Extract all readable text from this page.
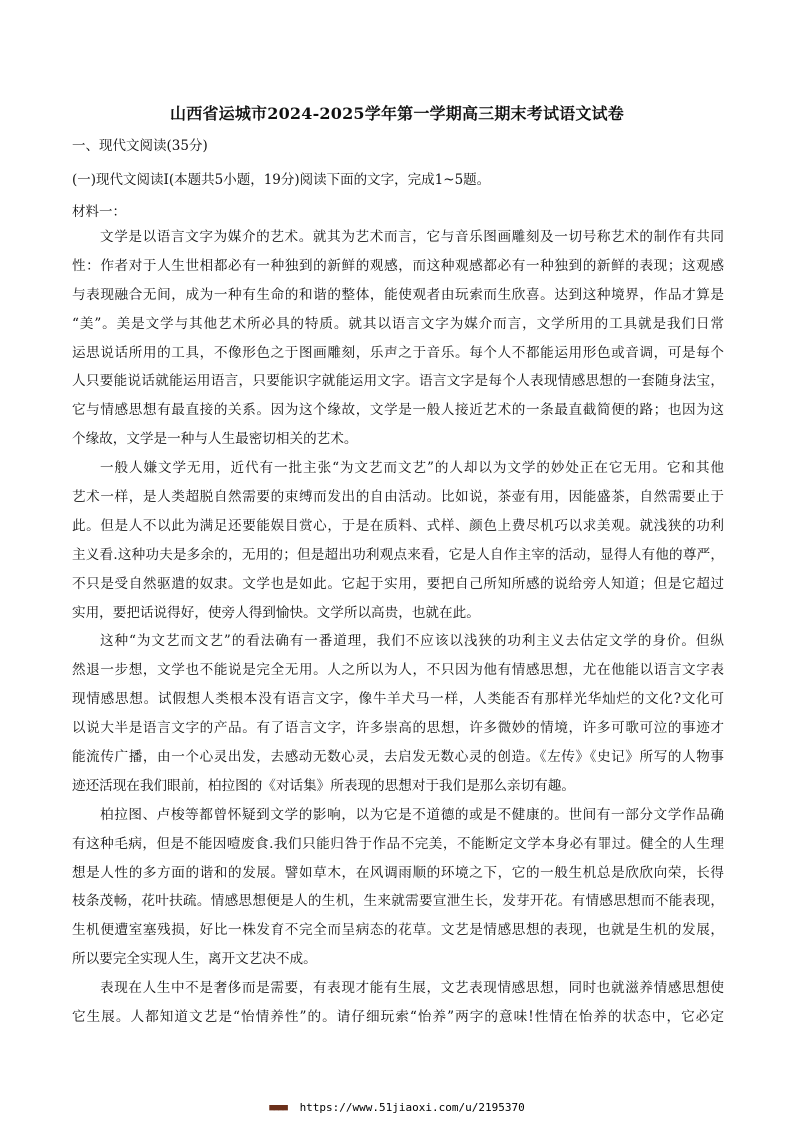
山西省运城市2024-2025学年第一学期高三期末考试语文试卷
一、现代文阅读(35分)
(一)现代文阅读I(本题共5小题，19分)阅读下面的文字，完成1~5题。
材料一：
文学是以语言文字为媒介的艺术。就其为艺术而言，它与音乐图画雕刻及一切号称艺术的制作有共同
性：作者对于人生世相都必有一种独到的新鲜的观感，而这种观感都必有一种独到的新鲜的表现；这观感
与表现融合无间，成为一种有生命的和谐的整体，能使观者由玩索而生欣喜。达到这种境界，作品才算是
“美”。美是文学与其他艺术所必具的特质。就其以语言文字为媒介而言，文学所用的工具就是我们日常
运思说话所用的工具，不像形色之于图画雕刻，乐声之于音乐。每个人不都能运用形色或音调，可是每个
人只要能说话就能运用语言，只要能识字就能运用文字。语言文字是每个人表现情感思想的一套随身法宝，
它与情感思想有最直接的关系。因为这个缘故，文学是一般人接近艺术的一条最直截简便的路；也因为这
个缘故，文学是一种与人生最密切相关的艺术。
一般人嫌文学无用，近代有一批主张“为文艺而文艺”的人却以为文学的妙处正在它无用。它和其他
艺术一样，是人类超脱自然需要的束缚而发出的自由活动。比如说，茶壶有用，因能盛茶，自然需要止于
此。但是人不以此为满足还要能娱目赏心，于是在质料、式样、颜色上费尽机巧以求美观。就浅狭的功利
主义看.这种功夫是多余的，无用的；但是超出功利观点来看，它是人自作主宰的活动，显得人有他的尊严，
不只是受自然驱遣的奴隶。文学也是如此。它起于实用，要把自己所知所感的说给旁人知道；但是它超过
实用，要把话说得好，使旁人得到愉快。文学所以高贵，也就在此。
这种“为文艺而文艺”的看法确有一番道理，我们不应该以浅狭的功利主义去估定文学的身价。但纵
然退一步想，文学也不能说是完全无用。人之所以为人，不只因为他有情感思想，尤在他能以语言文字表
现情感思想。试假想人类根本没有语言文字，像牛羊犬马一样，人类能否有那样光华灿烂的文化?文化可
以说大半是语言文字的产品。有了语言文字，许多崇高的思想，许多微妙的情境，许多可歌可泣的事迹才
能流传广播，由一个心灵出发，去感动无数心灵，去启发无数心灵的创造。《左传》《史记》所写的人物事
迹还活现在我们眼前，柏拉图的《对话集》所表现的思想对于我们是那么亲切有趣。
柏拉图、卢梭等都曾怀疑到文学的影响，以为它是不道德的或是不健康的。世间有一部分文学作品确
有这种毛病，但是不能因噎废食.我们只能归咎于作品不完美，不能断定文学本身必有罪过。健全的人生理
想是人性的多方面的谐和的发展。譬如草木，在风调雨顺的环境之下，它的一般生机总是欣欣向荣，长得
枝条茂畅，花叶扶疏。情感思想便是人的生机，生来就需要宣泄生长，发芽开花。有情感思想而不能表现，
生机便遭室塞残损，好比一株发育不完全而呈病态的花草。文艺是情感思想的表现，也就是生机的发展，
所以要完全实现人生，离开文艺决不成。
表现在人生中不是奢侈而是需要，有表现才能有生展，文艺表现情感思想，同时也就滋养情感思想使
它生展。人都知道文艺是“怡情养性”的。请仔细玩索“怡养”两字的意味!性情在怡养的状态中，它必定
■■■■ https://www.51jiaoxi.com/u/2195370
